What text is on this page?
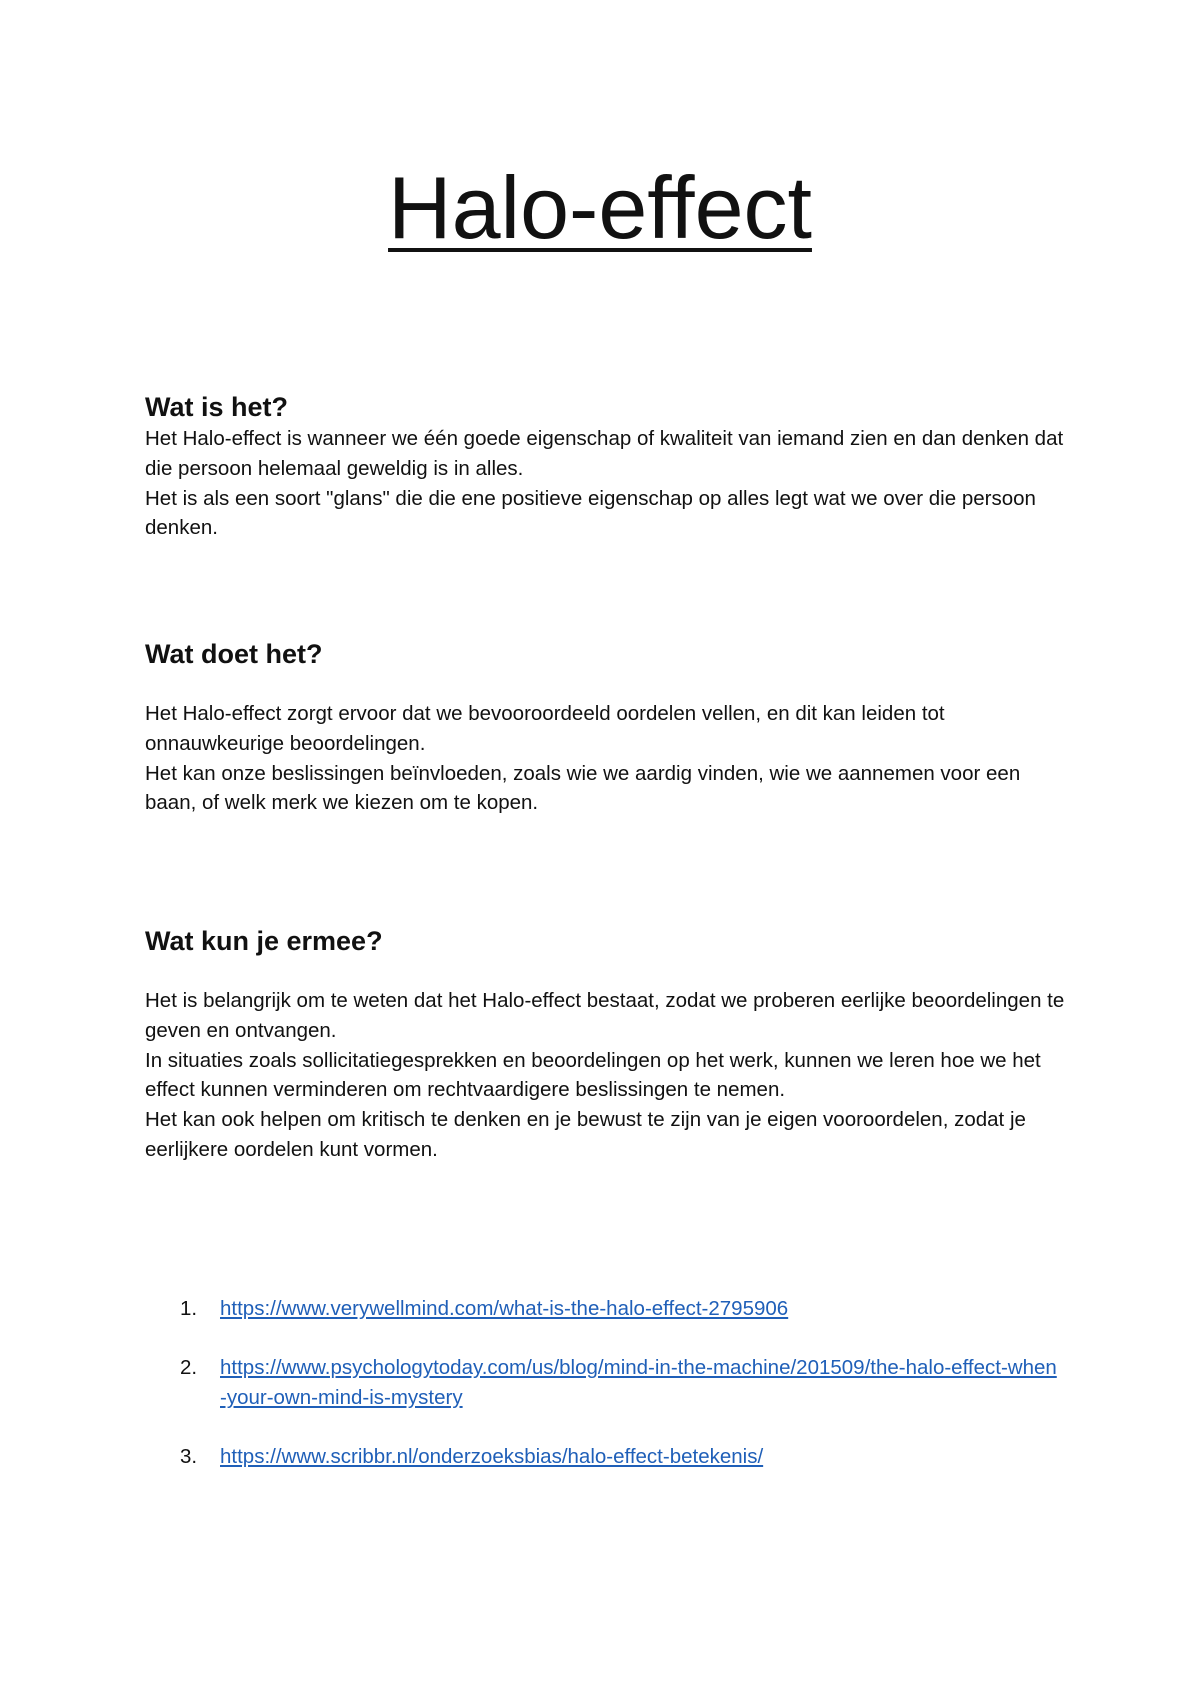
Halo-effect
Wat is het?

Het Halo-effect is wanneer we één goede eigenschap of kwaliteit van iemand zien en dan denken dat die persoon helemaal geweldig is in alles.

Het is als een soort "glans" die die ene positieve eigenschap op alles legt wat we over die persoon denken.

Wat doet het?

Het Halo-effect zorgt ervoor dat we bevooroordeeld oordelen vellen, en dit kan leiden tot onnauwkeurige beoordelingen.

Het kan onze beslissingen beïnvloeden, zoals wie we aardig vinden, wie we aannemen voor een baan, of welk merk we kiezen om te kopen.

Wat kun je ermee?

Het is belangrijk om te weten dat het Halo-effect bestaat, zodat we proberen eerlijke beoordelingen te geven en ontvangen.

In situaties zoals sollicitatiegesprekken en beoordelingen op het werk, kunnen we leren hoe we het effect kunnen verminderen om rechtvaardigere beslissingen te nemen.

Het kan ook helpen om kritisch te denken en je bewust te zijn van je eigen vooroordelen, zodat je eerlijkere oordelen kunt vormen.

1.	https://www.verywellmind.com/what-is-the-halo-effect-2795906
2.	https://www.psychologytoday.com/us/blog/mind-in-the-machine/201509/the-halo-effect-when-your-own-mind-is-mystery
3.	https://www.scribbr.nl/onderzoeksbias/halo-effect-betekenis/
